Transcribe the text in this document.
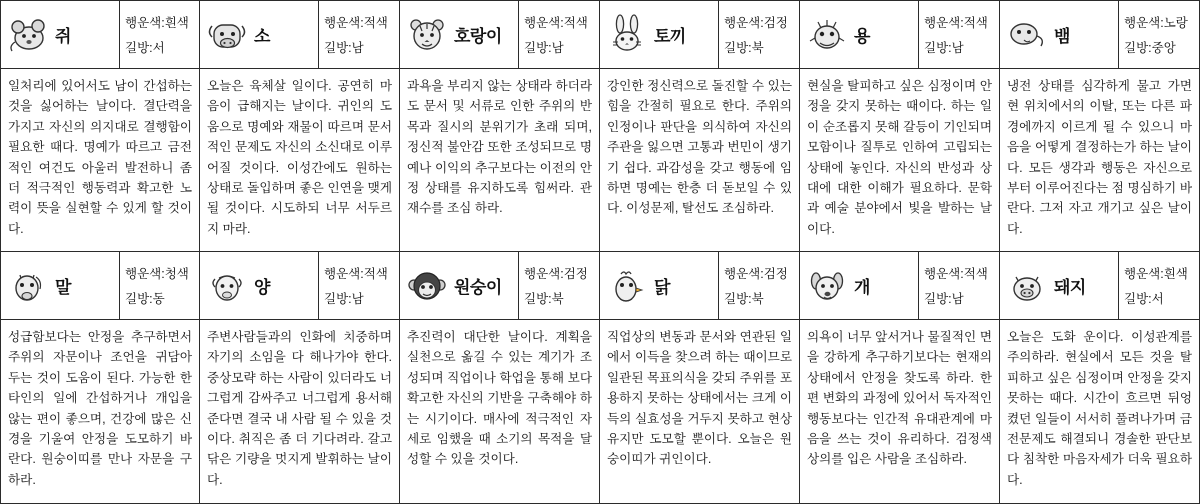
쥐
행운색:흰색
길방:서
일처리에 있어서도 남이 간섭하는 것을 싫어하는 날이다. 결단력을 가지고 자신의 의지대로 결행함이 필요한 때다. 명예가 따르고 금전적인 여건도 아울러 발전하니 좀 더 적극적인 행동력과 확고한 노력이 뜻을 실현할 수 있게 할 것이다.
소
행운색:적색
길방:남
오늘은 육체살 일이다. 공연히 마음이 급해지는 날이다. 귀인의 도움으로 명예와 재물이 따르며 문서적인 문제도 자신의 소신대로 이루어질 것이다. 이성간에도 원하는 상태로 돌입하며 좋은 인연을 맺게 될 것이다. 시도하되 너무 서두르지 마라.
호랑이
행운색:적색
길방:남
과욕을 부리지 않는 상태라 하더라도 문서 및 서류로 인한 주위의 반목과 질시의 분위기가 초래 되며, 정신적 불안감 또한 조성되므로 명예나 이익의 추구보다는 이전의 안정 상태를 유지하도록 힘써라. 관재수를 조심 하라.
토끼
행운색:검정
길방:북
강인한 정신력으로 돌진할 수 있는 힘을 간절히 필요로 한다. 주위의 인정이나 판단을 의식하여 자신의 주관을 잃으면 고통과 번민이 생기기 쉽다. 과감성을 갖고 행동에 임하면 명예는 한층 더 돋보일 수 있다. 이성문제, 탈선도 조심하라.
용
행운색:적색
길방:남
현실을 탈피하고 싶은 심정이며 안정을 갖지 못하는 때이다. 하는 일이 순조롭지 못해 갈등이 기인되며 모함이나 질투로 인하여 고립되는 상태에 놓인다. 자신의 반성과 상대에 대한 이해가 필요하다. 문학과 예술 분야에서 빛을 발하는 날이다.
뱀
행운색:노랑
길방:중앙
냉전 상태를 심각하게 물고 가면 현 위치에서의 이탈, 또는 다른 파경에까지 이르게 될 수 있으니 마음을 어떻게 결정하는가 하는 날이다. 모든 생각과 행동은 자신으로부터 이루어진다는 점 명심하기 바란다. 그저 자고 개기고 싶은 날이다.
말
행운색:청색
길방:동
성급함보다는 안정을 추구하면서 주위의 자문이나 조언을 귀담아 두는 것이 도움이 된다. 가능한 한 타인의 일에 간섭하거나 개입을 않는 편이 좋으며, 건강에 많은 신경을 기울여 안정을 도모하기 바란다. 원숭이띠를 만나 자문을 구하라.
양
행운색:적색
길방:남
주변사람들과의 인화에 치중하며 자기의 소임을 다 해나가야 한다. 중상모략 하는 사람이 있더라도 너그럽게 감싸주고 너그럽게 용서해 준다면 결국 내 사람 될 수 있을 것이다. 취직은 좀 더 기다려라. 갈고 닦은 기량을 멋지게 발휘하는 날이다.
원숭이
행운색:검정
길방:북
추진력이 대단한 날이다. 계획을 실천으로 옮길 수 있는 계기가 조성되며 직업이나 학업을 통해 보다 확고한 자신의 기반을 구축해야 하는 시기이다. 매사에 적극적인 자세로 임했을 때 소기의 목적을 달성할 수 있을 것이다.
닭
행운색:검정
길방:북
직업상의 변동과 문서와 연관된 일에서 이득을 찾으려 하는 때이므로 일관된 목표의식을 갖되 주위를 포용하지 못하는 상태에서는 크게 이득의 실효성을 거두지 못하고 현상유지만 도모할 뿐이다. 오늘은 원숭이띠가 귀인이다.
개
행운색:적색
길방:남
의욕이 너무 앞서거나 물질적인 면을 강하게 추구하기보다는 현재의 상태에서 안정을 찾도록 하라. 한편 변화의 과정에 있어서 독자적인 행동보다는 인간적 유대관계에 마음을 쓰는 것이 유리하다. 검정색 상의를 입은 사람을 조심하라.
돼지
행운색:흰색
길방:서
오늘은 도화 운이다. 이성관계를 주의하라. 현실에서 모든 것을 탈피하고 싶은 심정이며 안정을 갖지 못하는 때다. 시간이 흐르면 뒤엉켰던 일들이 서서히 풀려나가며 금전문제도 해결되니 경솔한 판단보다 침착한 마음자세가 더욱 필요하다.
